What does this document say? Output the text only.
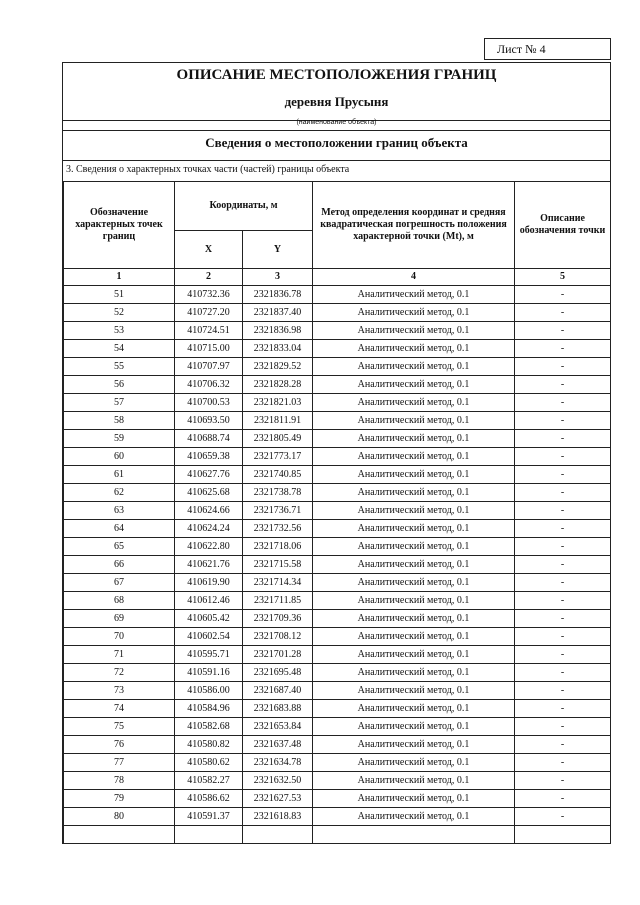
Лист № 4
ОПИСАНИЕ МЕСТОПОЛОЖЕНИЯ ГРАНИЦ
деревня Прусыня
(наименование объекта)
Сведения о местоположении границ объекта
3. Сведения о характерных точках части (частей) границы объекта
Обозначение характерных точек границ	Координаты, м		Метод определения координат и средняя квадратическая погрешность положения характерной точки (Mt), м	Описание обозначения точки
	X	Y		
1	2	3	4	5
51	410732.36	2321836.78	Аналитический метод, 0.1	-
52	410727.20	2321837.40	Аналитический метод, 0.1	-
53	410724.51	2321836.98	Аналитический метод, 0.1	-
54	410715.00	2321833.04	Аналитический метод, 0.1	-
55	410707.97	2321829.52	Аналитический метод, 0.1	-
56	410706.32	2321828.28	Аналитический метод, 0.1	-
57	410700.53	2321821.03	Аналитический метод, 0.1	-
58	410693.50	2321811.91	Аналитический метод, 0.1	-
59	410688.74	2321805.49	Аналитический метод, 0.1	-
60	410659.38	2321773.17	Аналитический метод, 0.1	-
61	410627.76	2321740.85	Аналитический метод, 0.1	-
62	410625.68	2321738.78	Аналитический метод, 0.1	-
63	410624.66	2321736.71	Аналитический метод, 0.1	-
64	410624.24	2321732.56	Аналитический метод, 0.1	-
65	410622.80	2321718.06	Аналитический метод, 0.1	-
66	410621.76	2321715.58	Аналитический метод, 0.1	-
67	410619.90	2321714.34	Аналитический метод, 0.1	-
68	410612.46	2321711.85	Аналитический метод, 0.1	-
69	410605.42	2321709.36	Аналитический метод, 0.1	-
70	410602.54	2321708.12	Аналитический метод, 0.1	-
71	410595.71	2321701.28	Аналитический метод, 0.1	-
72	410591.16	2321695.48	Аналитический метод, 0.1	-
73	410586.00	2321687.40	Аналитический метод, 0.1	-
74	410584.96	2321683.88	Аналитический метод, 0.1	-
75	410582.68	2321653.84	Аналитический метод, 0.1	-
76	410580.82	2321637.48	Аналитический метод, 0.1	-
77	410580.62	2321634.78	Аналитический метод, 0.1	-
78	410582.27	2321632.50	Аналитический метод, 0.1	-
79	410586.62	2321627.53	Аналитический метод, 0.1	-
80	410591.37	2321618.83	Аналитический метод, 0.1	-
